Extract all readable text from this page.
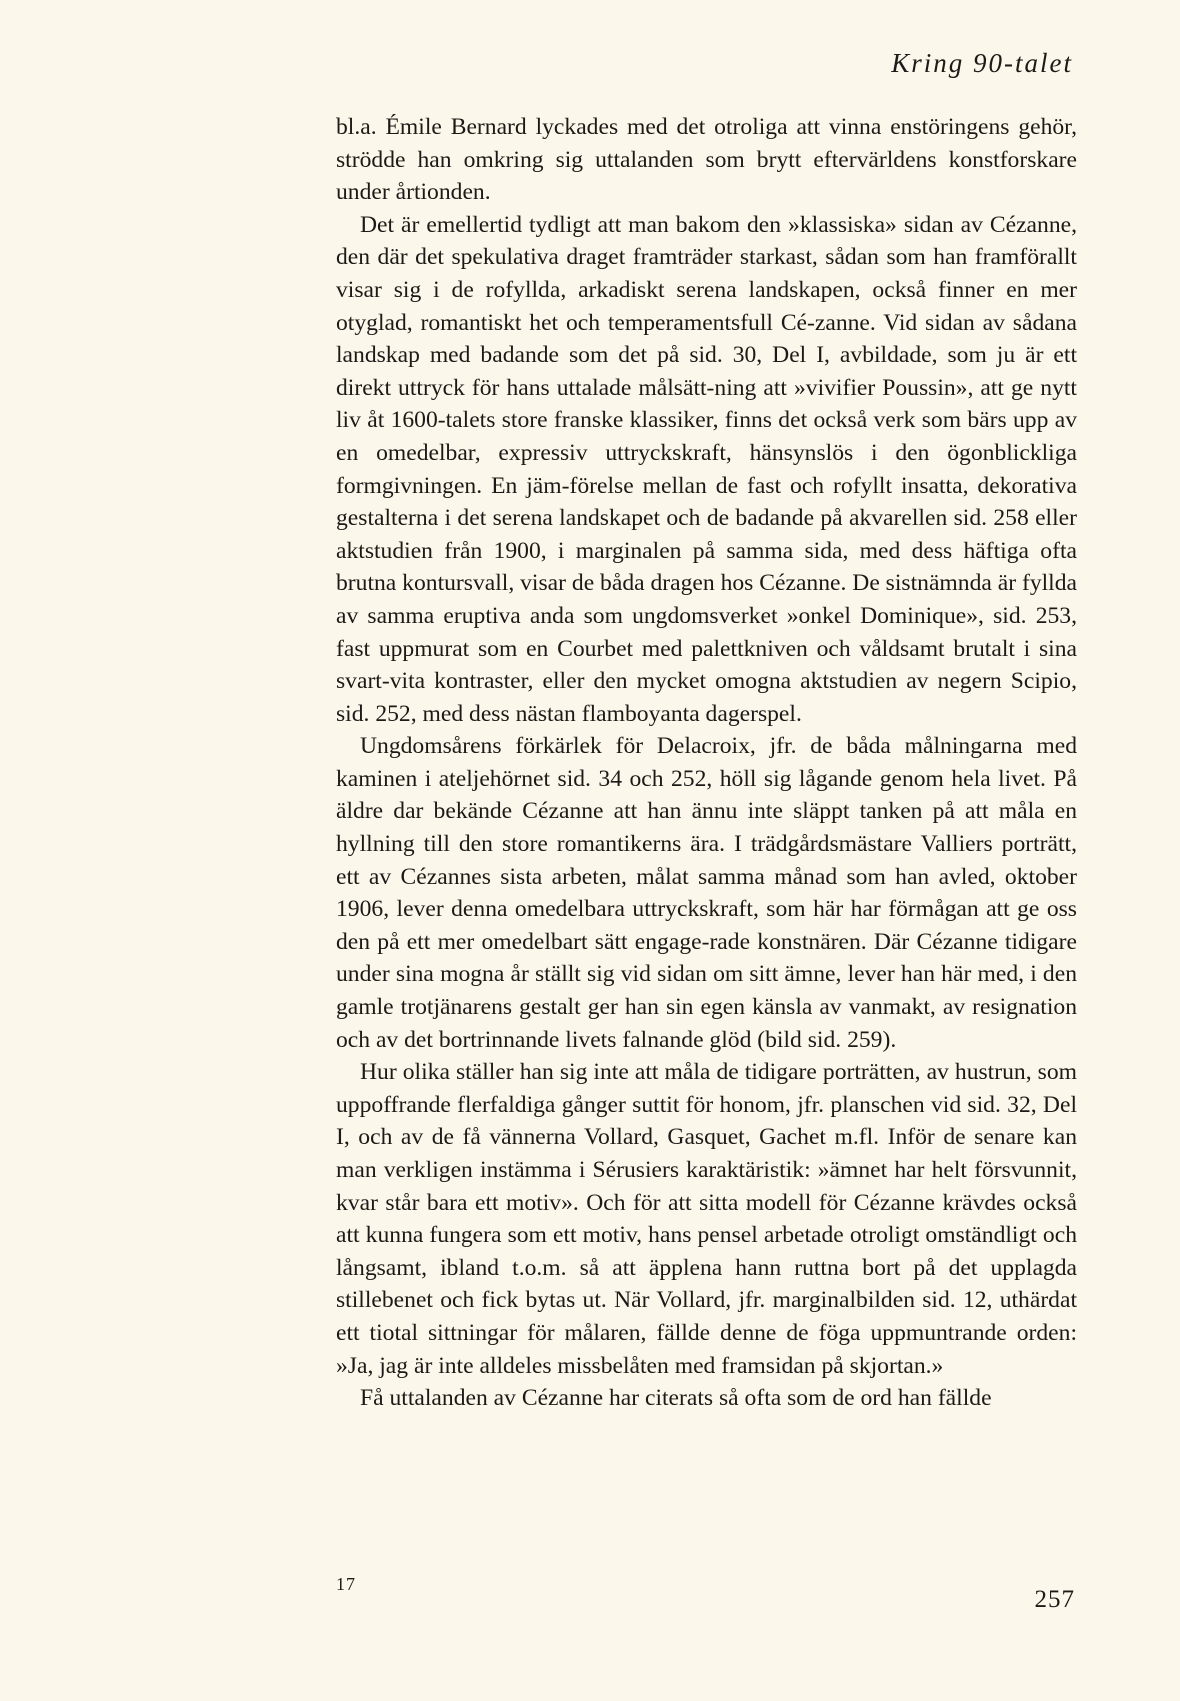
Kring 90-talet

bl.a. Émile Bernard lyckades med det otroliga att vinna enstöringens gehör, strödde han omkring sig uttalanden som brytt eftervärldens konstforskare under årtionden.

Det är emellertid tydligt att man bakom den »klassiska» sidan av Cézanne, den där det spekulativa draget framträder starkast, sådan som han framförallt visar sig i de rofyllda, arkadiskt serena landskapen, också finner en mer otyglad, romantiskt het och temperamentsfull Cé-zanne. Vid sidan av sådana landskap med badande som det på sid. 30, Del I, avbildade, som ju är ett direkt uttryck för hans uttalade målsätt-ning att »vivifier Poussin», att ge nytt liv åt 1600-talets store franske klassiker, finns det också verk som bärs upp av en omedelbar, expressiv uttryckskraft, hänsynslös i den ögonblickliga formgivningen. En jäm-förelse mellan de fast och rofyllt insatta, dekorativa gestalterna i det serena landskapet och de badande på akvarellen sid. 258 eller aktstudien från 1900, i marginalen på samma sida, med dess häftiga ofta brutna kontursvall, visar de båda dragen hos Cézanne. De sistnämnda är fyllda av samma eruptiva anda som ungdomsverket »onkel Dominique», sid. 253, fast uppmurat som en Courbet med palettkniven och våldsamt brutalt i sina svart-vita kontraster, eller den mycket omogna aktstudien av negern Scipio, sid. 252, med dess nästan flamboyanta dagerspel.

Ungdomsårens förkärlek för Delacroix, jfr. de båda målningarna med kaminen i ateljehörnet sid. 34 och 252, höll sig lågande genom hela livet. På äldre dar bekände Cézanne att han ännu inte släppt tanken på att måla en hyllning till den store romantikerns ära. I trädgårdsmästare Valliers porträtt, ett av Cézannes sista arbeten, målat samma månad som han avled, oktober 1906, lever denna omedelbara uttryckskraft, som här har förmågan att ge oss den på ett mer omedelbart sätt engage-rade konstnären. Där Cézanne tidigare under sina mogna år ställt sig vid sidan om sitt ämne, lever han här med, i den gamle trotjänarens gestalt ger han sin egen känsla av vanmakt, av resignation och av det bortrinnande livets falnande glöd (bild sid. 259).

Hur olika ställer han sig inte att måla de tidigare porträtten, av hustrun, som uppoffrande flerfaldiga gånger suttit för honom, jfr. planschen vid sid. 32, Del I, och av de få vännerna Vollard, Gasquet, Gachet m.fl. Inför de senare kan man verkligen instämma i Sérusiers karaktäristik: »ämnet har helt försvunnit, kvar står bara ett motiv». Och för att sitta modell för Cézanne krävdes också att kunna fungera som ett motiv, hans pensel arbetade otroligt omständligt och långsamt, ibland t.o.m. så att äpplena hann ruttna bort på det upplagda stillebenet och fick bytas ut. När Vollard, jfr. marginalbilden sid. 12, uthärdat ett tiotal sittningar för målaren, fällde denne de föga uppmuntrande orden: »Ja, jag är inte alldeles missbelåten med framsidan på skjortan.»

Få uttalanden av Cézanne har citerats så ofta som de ord han fällde

17
257
